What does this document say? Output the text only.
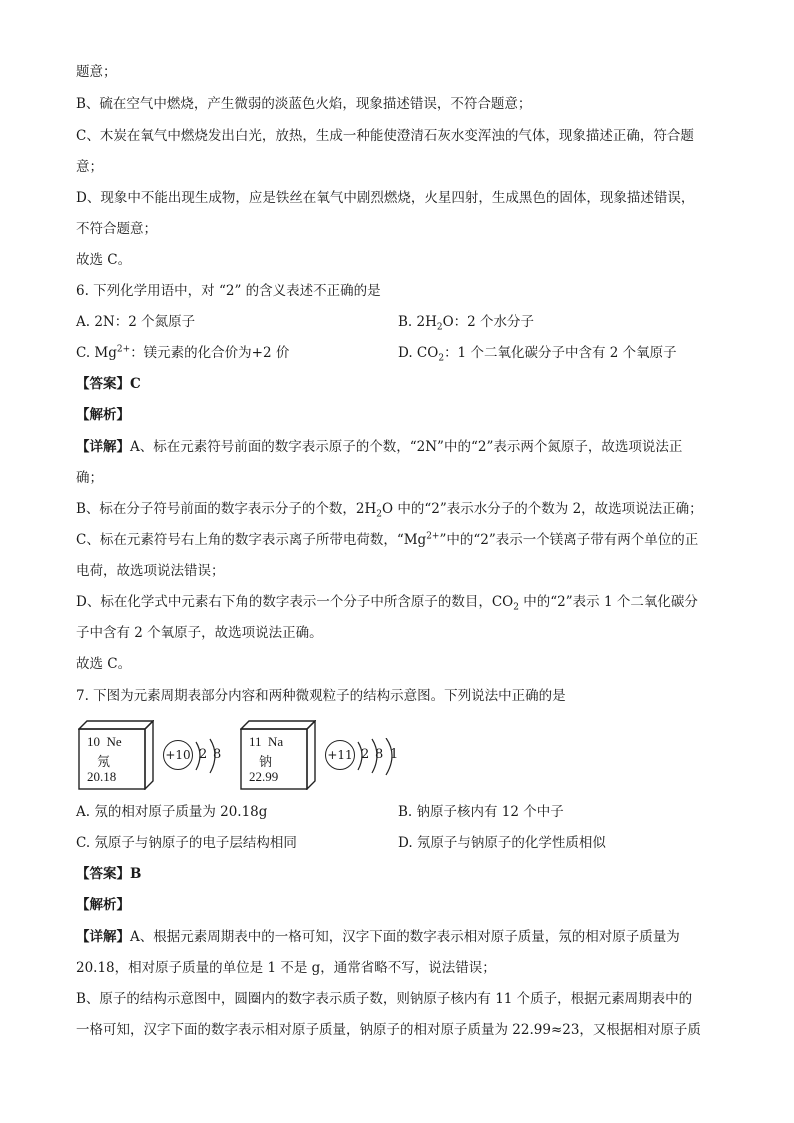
题意；
B、硫在空气中燃烧，产生微弱的淡蓝色火焰，现象描述错误，不符合题意；
C、木炭在氧气中燃烧发出白光，放热，生成一种能使澄清石灰水变浑浊的气体，现象描述正确，符合题
意；
D、现象中不能出现生成物，应是铁丝在氧气中剧烈燃烧，火星四射，生成黑色的固体，现象描述错误，
不符合题意；
故选 C。
6. 下列化学用语中，对 “2” 的含义表述不正确的是
A. 2N：2 个氮原子	B. $2H_2O$：2 个水分子
C. $Mg^{2+}$：镁元素的化合价为+2 价	D. $CO_2$：1 个二氧化碳分子中含有 2 个氧原子
【答案】C
【解析】
【详解】A、标在元素符号前面的数字表示原子的个数，“2N”中的“2”表示两个氮原子，故选项说法正
确；
B、标在分子符号前面的数字表示分子的个数，$2H_2O$ 中的“2”表示水分子的个数为 2，故选项说法正确；
C、标在元素符号右上角的数字表示离子所带电荷数，“$Mg^{2+}$”中的“2”表示一个镁离子带有两个单位的正
电荷，故选项说法错误；
D、标在化学式中元素右下角的数字表示一个分子中所含原子的数目，$CO_2$ 中的“2”表示 1 个二氧化碳分
子中含有 2 个氧原子，故选项说法正确。
故选 C。
7. 下图为元素周期表部分内容和两种微观粒子的结构示意图。下列说法中正确的是
10 Ne
氖
20.18
+10 2 8
11 Na
钠
22.99
+11 2 8 1
A. 氖的相对原子质量为 20.18g	B. 钠原子核内有 12 个中子
C. 氖原子与钠原子的电子层结构相同	D. 氖原子与钠原子的化学性质相似
【答案】B
【解析】
【详解】A、根据元素周期表中的一格可知，汉字下面的数字表示相对原子质量，氖的相对原子质量为
20.18，相对原子质量的单位是 1 不是 g，通常省略不写，说法错误；
B、原子的结构示意图中，圆圈内的数字表示质子数，则钠原子核内有 11 个质子，根据元素周期表中的
一格可知，汉字下面的数字表示相对原子质量，钠原子的相对原子质量为 22.99≈23，又根据相对原子质
